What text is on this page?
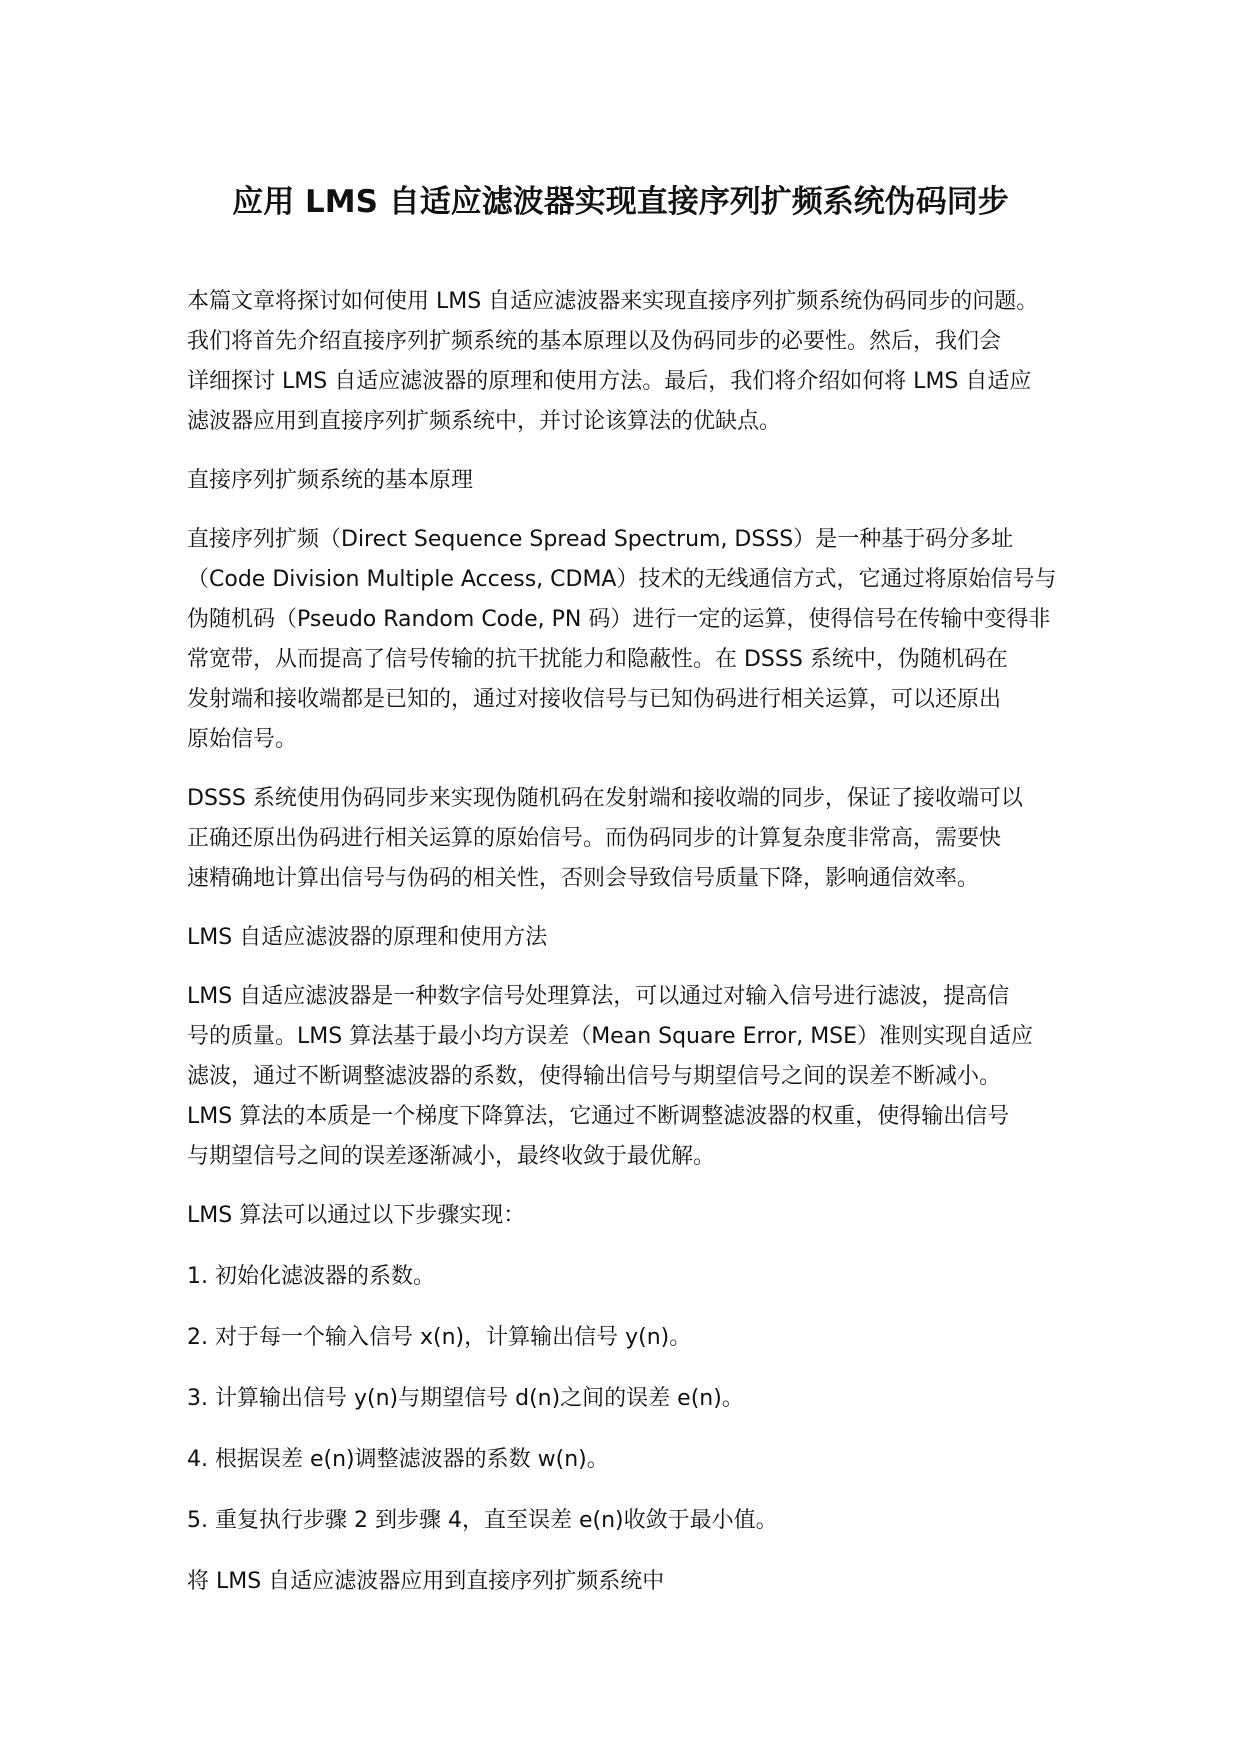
应用 LMS 自适应滤波器实现直接序列扩频系统伪码同步
本篇文章将探讨如何使用 LMS 自适应滤波器来实现直接序列扩频系统伪码同步的问题。
我们将首先介绍直接序列扩频系统的基本原理以及伪码同步的必要性。然后，我们会
详细探讨 LMS 自适应滤波器的原理和使用方法。最后，我们将介绍如何将 LMS 自适应
滤波器应用到直接序列扩频系统中，并讨论该算法的优缺点。
直接序列扩频系统的基本原理
直接序列扩频（Direct Sequence Spread Spectrum, DSSS）是一种基于码分多址
（Code Division Multiple Access, CDMA）技术的无线通信方式，它通过将原始信号与
伪随机码（Pseudo Random Code, PN 码）进行一定的运算，使得信号在传输中变得非
常宽带，从而提高了信号传输的抗干扰能力和隐蔽性。在 DSSS 系统中，伪随机码在
发射端和接收端都是已知的，通过对接收信号与已知伪码进行相关运算，可以还原出
原始信号。
DSSS 系统使用伪码同步来实现伪随机码在发射端和接收端的同步，保证了接收端可以
正确还原出伪码进行相关运算的原始信号。而伪码同步的计算复杂度非常高，需要快
速精确地计算出信号与伪码的相关性，否则会导致信号质量下降，影响通信效率。
LMS 自适应滤波器的原理和使用方法
LMS 自适应滤波器是一种数字信号处理算法，可以通过对输入信号进行滤波，提高信
号的质量。LMS 算法基于最小均方误差（Mean Square Error, MSE）准则实现自适应
滤波，通过不断调整滤波器的系数，使得输出信号与期望信号之间的误差不断减小。
LMS 算法的本质是一个梯度下降算法，它通过不断调整滤波器的权重，使得输出信号
与期望信号之间的误差逐渐减小，最终收敛于最优解。
LMS 算法可以通过以下步骤实现：
1. 初始化滤波器的系数。
2. 对于每一个输入信号 x(n)，计算输出信号 y(n)。
3. 计算输出信号 y(n)与期望信号 d(n)之间的误差 e(n)。
4. 根据误差 e(n)调整滤波器的系数 w(n)。
5. 重复执行步骤 2 到步骤 4，直至误差 e(n)收敛于最小值。
将 LMS 自适应滤波器应用到直接序列扩频系统中
